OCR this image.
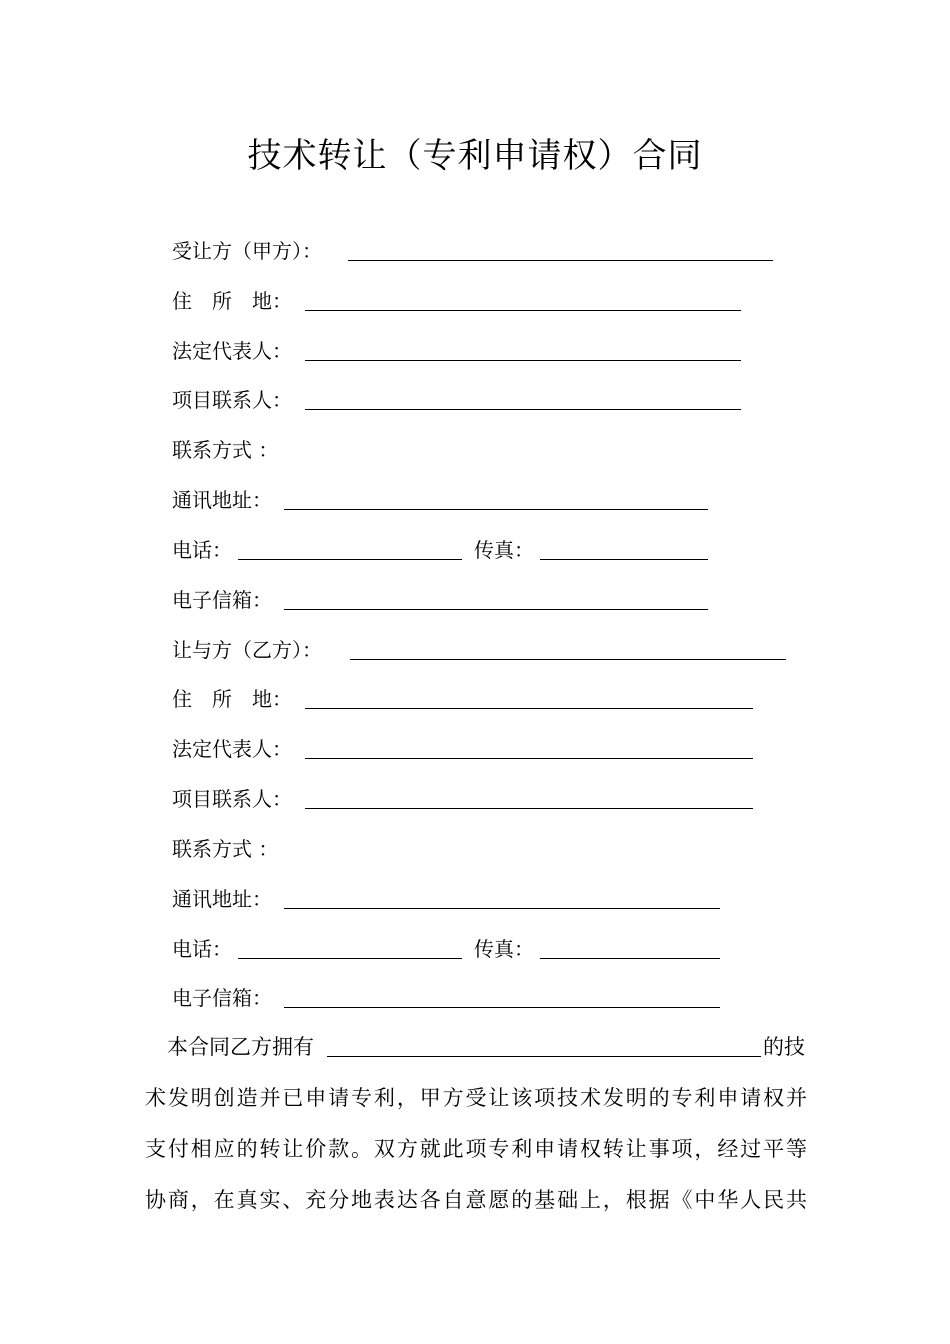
技术转让（专利申请权）合同
受让方（甲方）：
住　所　地：
法定代表人：
项目联系人：
联系方式 ：
通讯地址：
电话：	传真：
电子信箱：
让与方（乙方）：
住　所　地：
法定代表人：
项目联系人：
联系方式 ：
通讯地址：
电话：	传真：
电子信箱：
本合同乙方拥有	的技
术发明创造并已申请专利，甲方受让该项技术发明的专利申请权并
支付相应的转让价款。双方就此项专利申请权转让事项，经过平等
协商，在真实、充分地表达各自意愿的基础上，根据《中华人民共
